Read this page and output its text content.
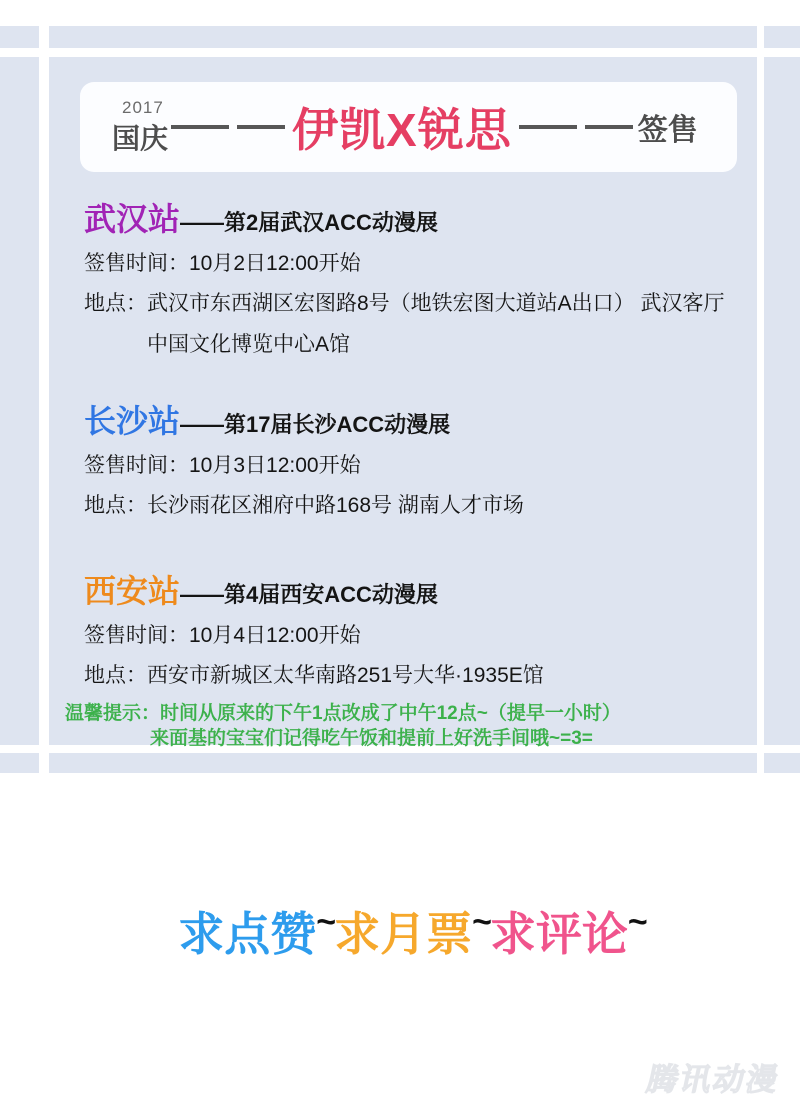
2017
国庆	伊凯X锐思	签售
武汉站 ——第2届武汉ACC动漫展
签售时间：10月2日12:00开始
地点： 武汉市东西湖区宏图路8号（地铁宏图大道站A出口） 武汉客厅
中国文化博览中心A馆
长沙站 ——第17届长沙ACC动漫展
签售时间：10月3日12:00开始
地点： 长沙雨花区湘府中路168号 湖南人才市场
西安站 ——第4届西安ACC动漫展
签售时间：10月4日12:00开始
地点： 西安市新城区太华南路251号大华·1935E馆
温馨提示：时间从原来的下午1点改成了中午12点~（提早一小时）
来面基的宝宝们记得吃午饭和提前上好洗手间哦~=3=
求点赞~求月票~求评论~
腾讯动漫
